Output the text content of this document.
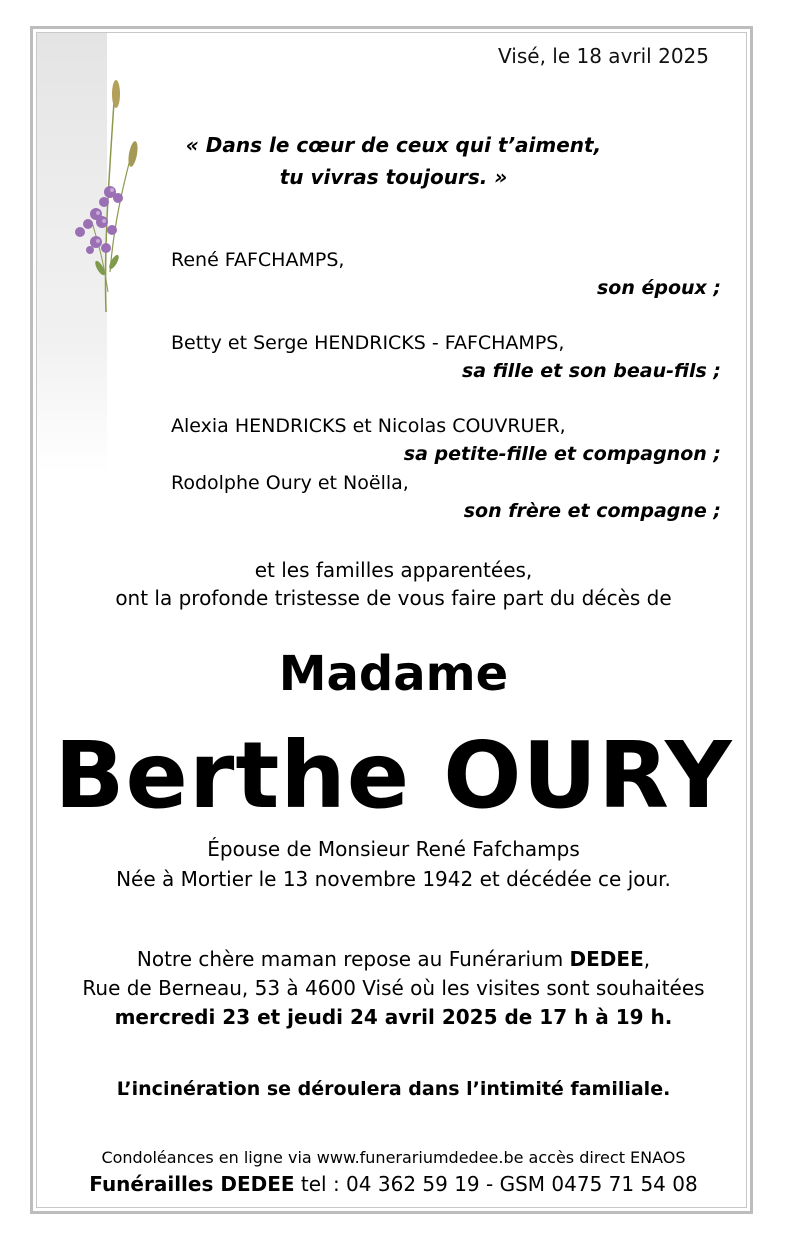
Visé, le 18 avril 2025
« Dans le cœur de ceux qui t’aiment,
tu vivras toujours. »
René FAFCHAMPS,
son époux ;
Betty et Serge HENDRICKS - FAFCHAMPS,
sa fille et son beau-fils ;
Alexia HENDRICKS et Nicolas COUVRUER,
sa petite-fille et compagnon ;
Rodolphe Oury et Noëlla,
son frère et compagne ;
et les familles apparentées,
ont la profonde tristesse de vous faire part du décès de
Madame
Berthe OURY
Épouse de Monsieur René Fafchamps
Née à Mortier le 13 novembre 1942 et décédée ce jour.
Notre chère maman repose au Funérarium DEDEE,
Rue de Berneau, 53 à 4600 Visé où les visites sont souhaitées
mercredi 23 et jeudi 24 avril 2025 de 17 h à 19 h.
L’incinération se déroulera dans l’intimité familiale.
Condoléances en ligne via www.funerariumdedee.be accès direct ENAOS
Funérailles DEDEE tel : 04 362 59 19 - GSM 0475 71 54 08
